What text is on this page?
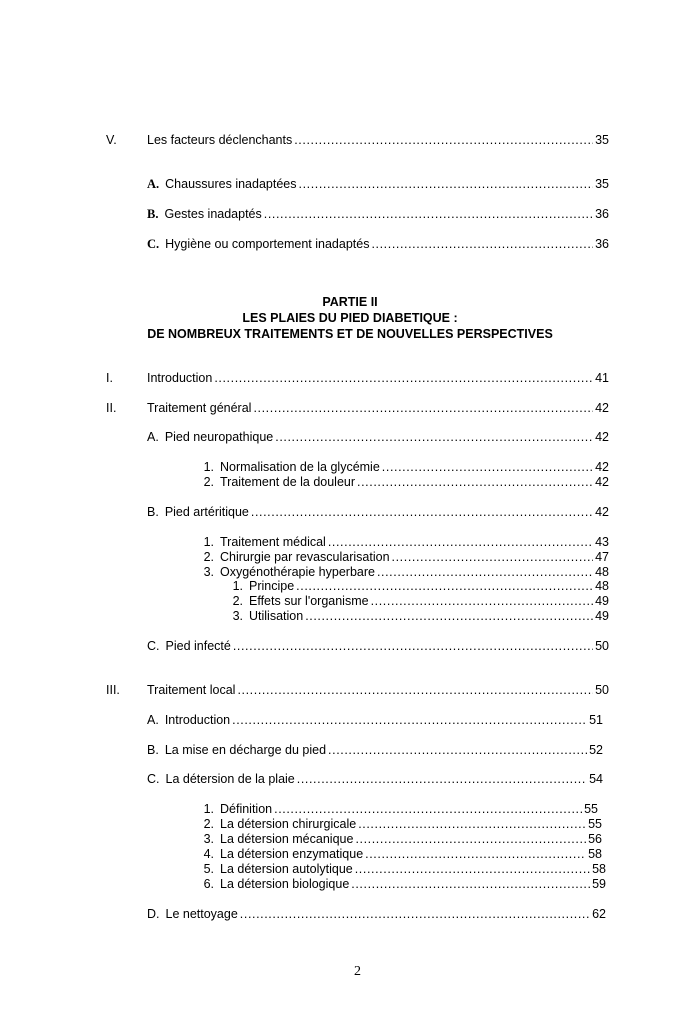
V. Les facteurs déclenchants .....	35
A. Chaussures inadaptées .....	35
B. Gestes inadaptés .....	36
C. Hygiène ou comportement inadaptés .....	36
PARTIE II
LES PLAIES DU PIED DIABETIQUE :
DE NOMBREUX TRAITEMENTS ET DE NOUVELLES PERSPECTIVES
I.	Introduction .....	41
II. Traitement général .....	42
A. Pied neuropathique .....	42
1. Normalisation de la glycémie .....	42
2. Traitement de la douleur .....	42
B. Pied artéritique .....	42
1. Traitement médical .....	43
2. Chirurgie par revascularisation .....	47
3. Oxygénothérapie hyperbare .....	48
1. Principe .....	48
2. Effets sur l'organisme .....	49
3. Utilisation .....	49
C. Pied infecté .....	50
III. Traitement local .....	50
A. Introduction .....	51
B. La mise en décharge du pied .....	52
C. La détersion de la plaie .....	54
1. Définition .....	55
2. La détersion chirurgicale .....	55
3. La détersion mécanique .....	56
4. La détersion enzymatique .....	58
5. La détersion autolytique .....	58
6. La détersion biologique .....	59
D. Le nettoyage .....	62
2
